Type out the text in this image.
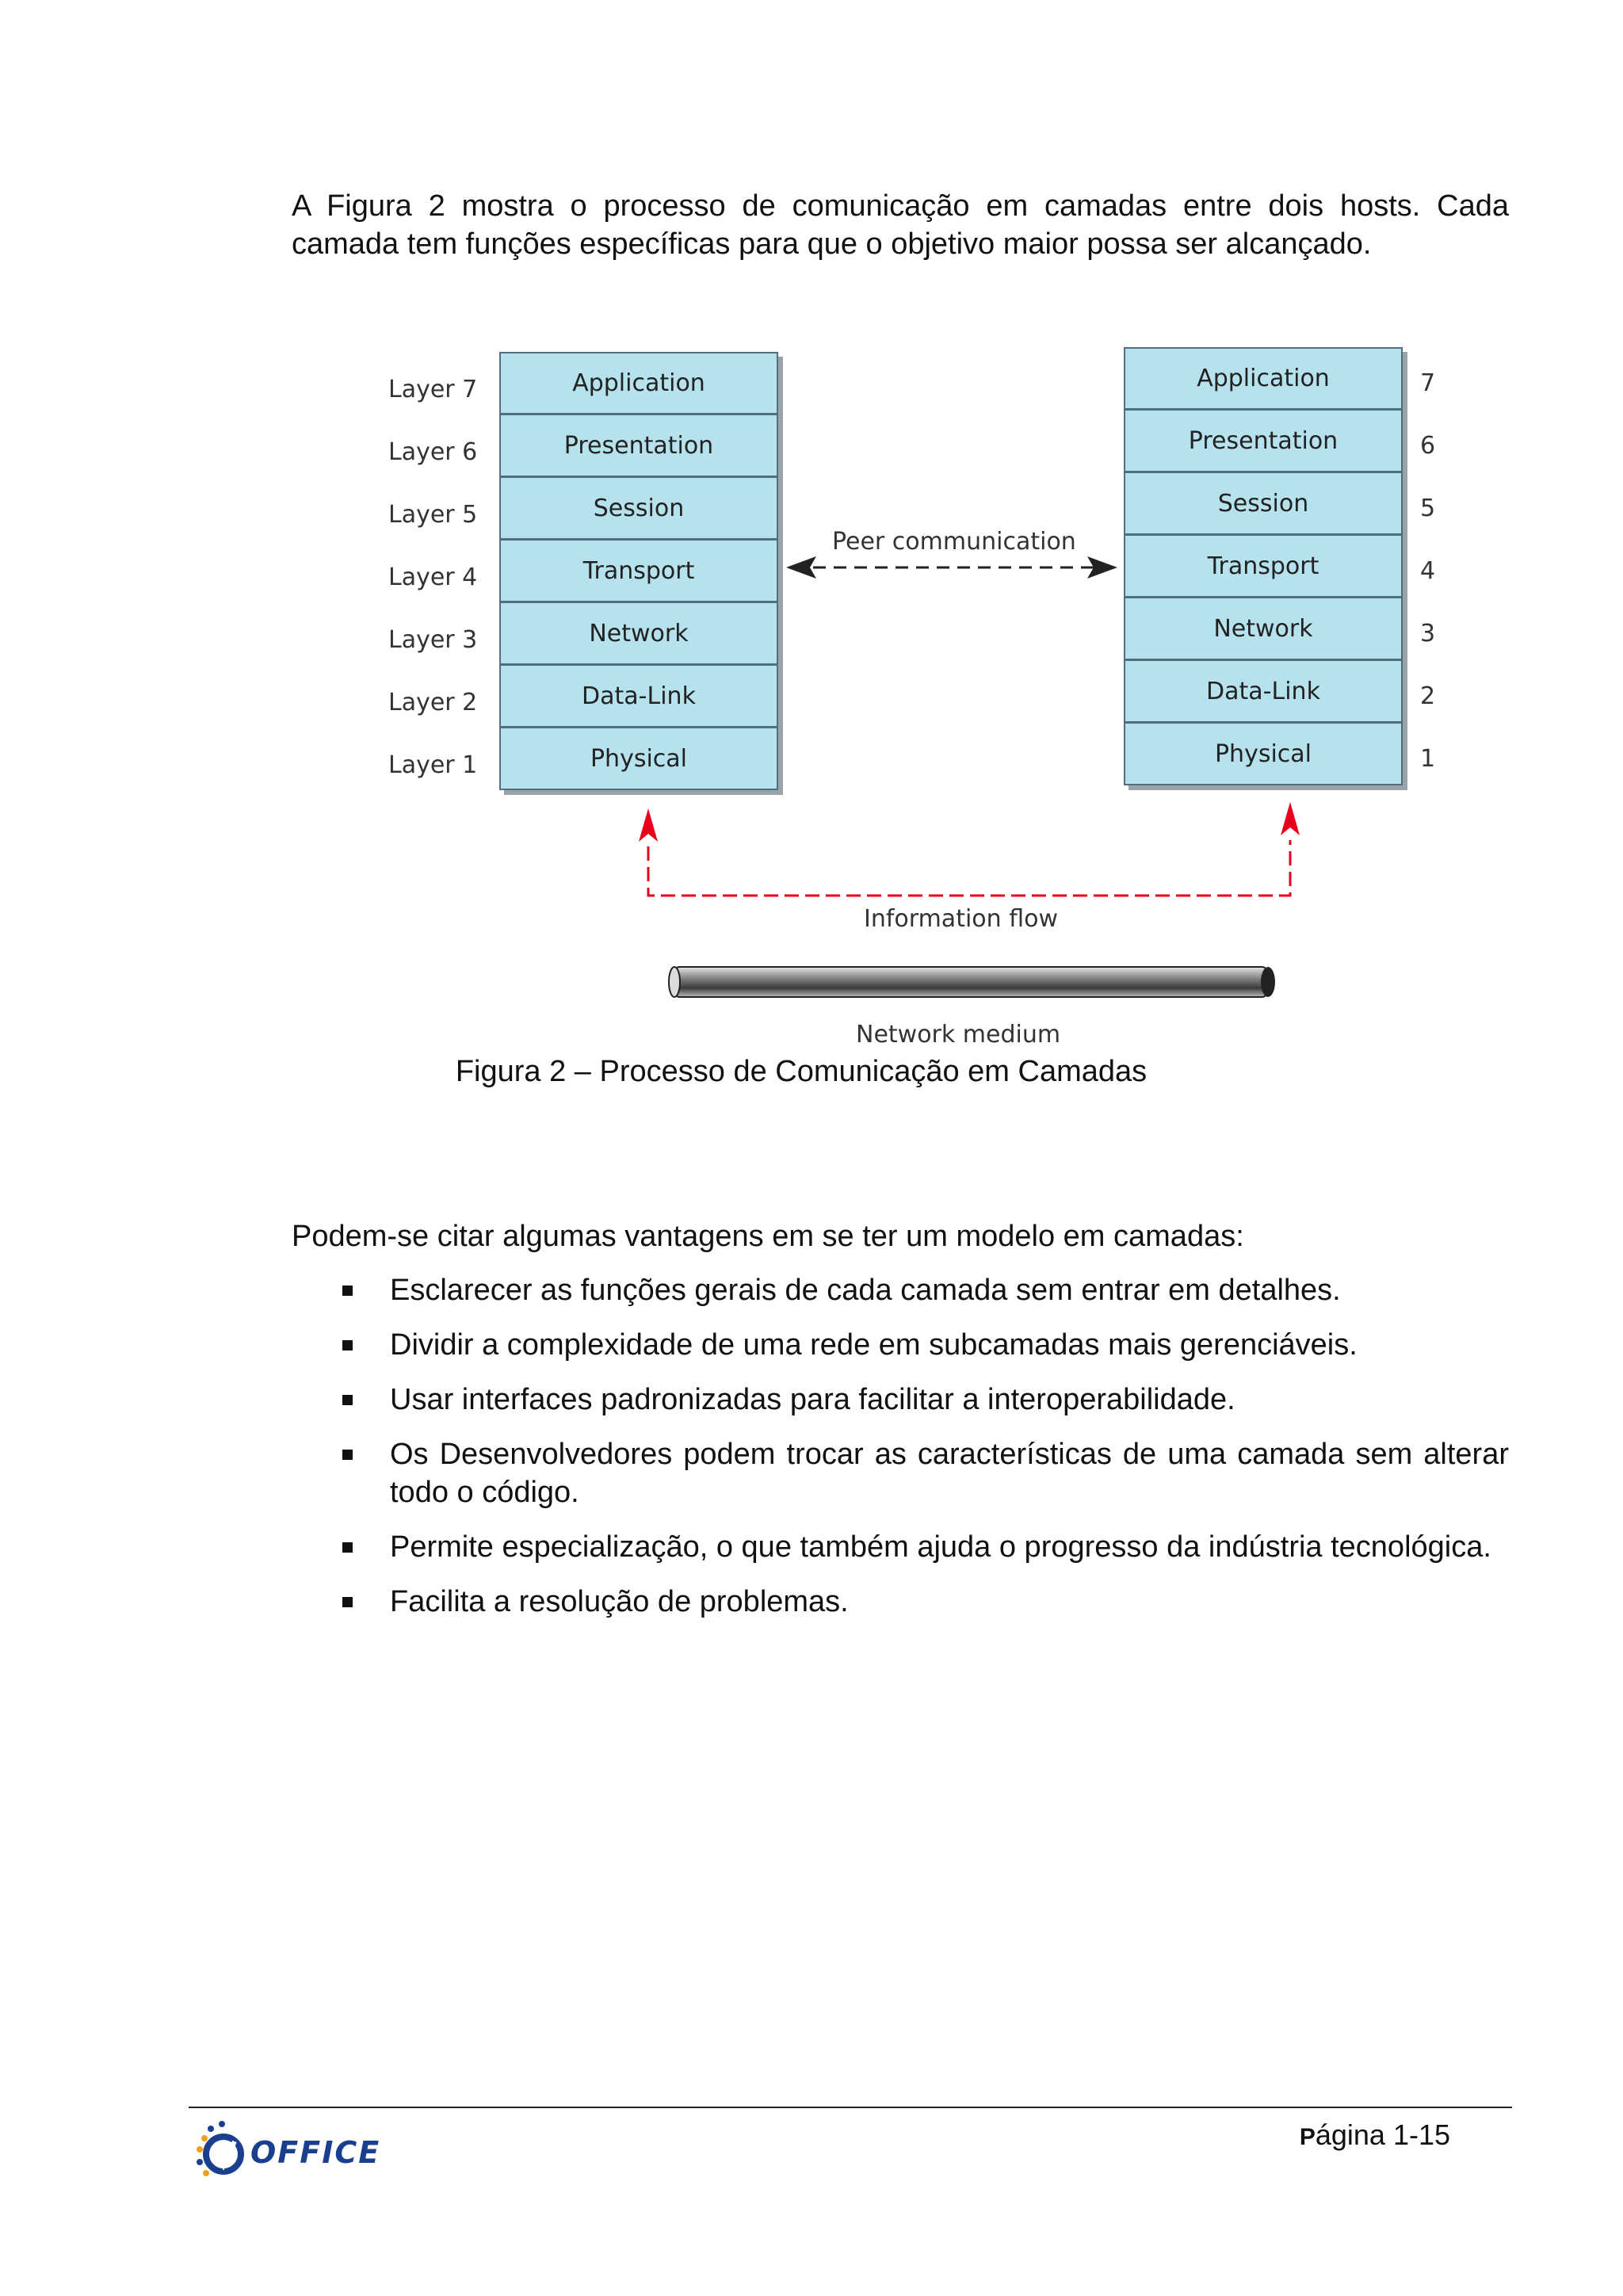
A Figura 2 mostra o processo de comunicação em camadas entre dois hosts. Cada camada tem funções específicas para que o objetivo maior possa ser alcançado.
Layer 7
Layer 6
Layer 5
Layer 4
Layer 3
Layer 2
Layer 1
Application
Presentation
Session
Transport
Network
Data-Link
Physical
Application
Presentation
Session
Transport
Network
Data-Link
Physical
7
6
5
4
3
2
1
Peer communication
Information flow
Network medium
Figura 2 – Processo de Comunicação em Camadas
Podem-se citar algumas vantagens em se ter um modelo em camadas:
Esclarecer as funções gerais de cada camada sem entrar em detalhes.
Dividir a complexidade de uma rede em subcamadas mais gerenciáveis.
Usar interfaces padronizadas para facilitar a interoperabilidade.
Os Desenvolvedores podem trocar as características de uma camada sem alterar todo o código.
Permite especialização, o que também ajuda o progresso da indústria tecnológica.
Facilita a resolução de problemas.
OFFICE	Página 1-15
